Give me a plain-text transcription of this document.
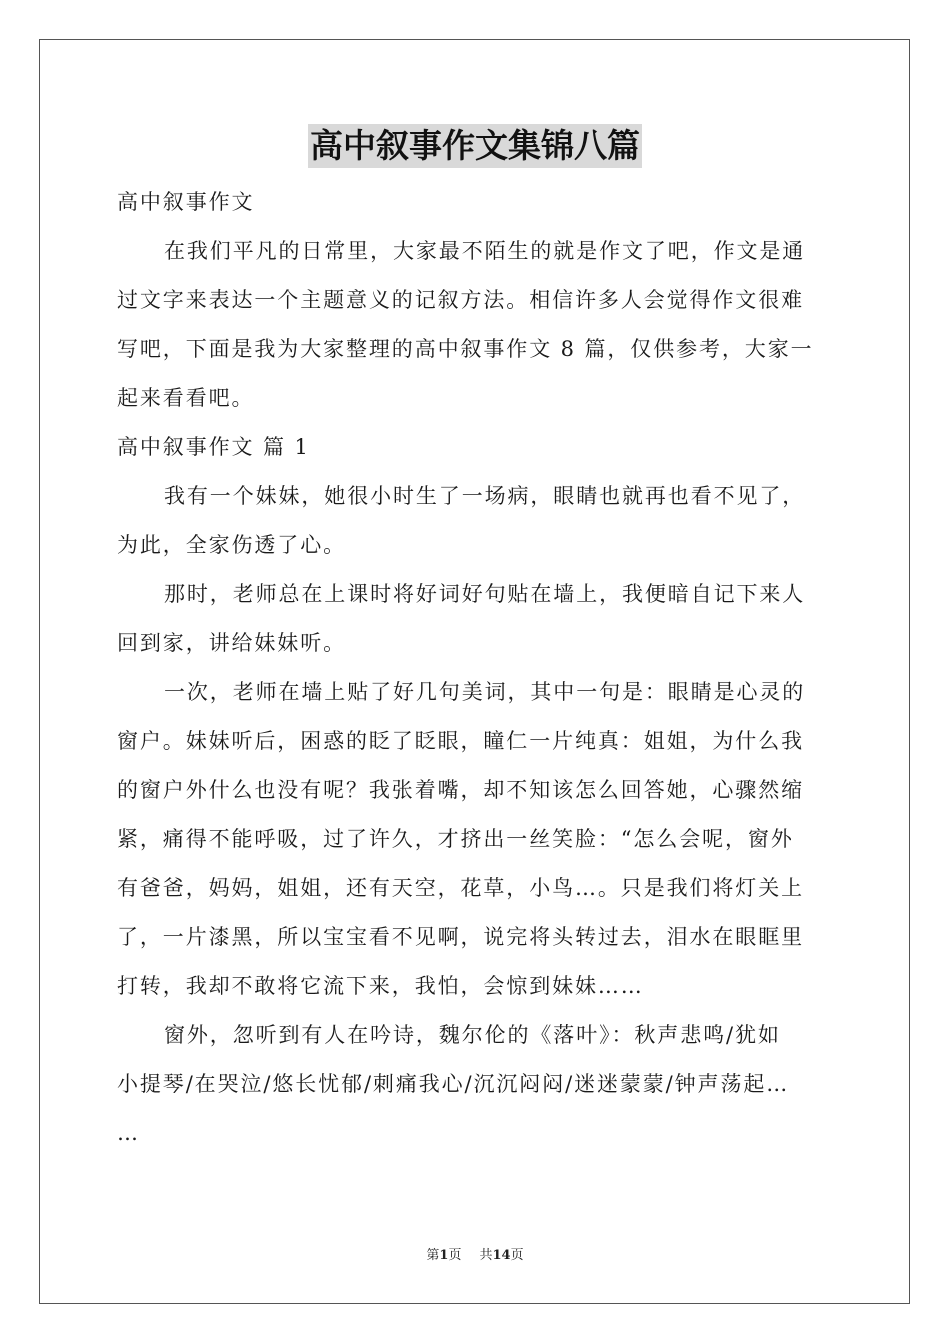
高中叙事作文集锦八篇
高中叙事作文
在我们平凡的日常里，大家最不陌生的就是作文了吧，作文是通
过文字来表达一个主题意义的记叙方法。相信许多人会觉得作文很难
写吧，下面是我为大家整理的高中叙事作文 8 篇，仅供参考，大家一
起来看看吧。
高中叙事作文 篇 1
我有一个妹妹，她很小时生了一场病，眼睛也就再也看不见了，
为此，全家伤透了心。
那时，老师总在上课时将好词好句贴在墙上，我便暗自记下来人
回到家，讲给妹妹听。
一次，老师在墙上贴了好几句美词，其中一句是：眼睛是心灵的
窗户。妹妹听后，困惑的眨了眨眼，瞳仁一片纯真：姐姐，为什么我
的窗户外什么也没有呢？我张着嘴，却不知该怎么回答她，心骤然缩
紧，痛得不能呼吸，过了许久，才挤出一丝笑脸：“怎么会呢，窗外
有爸爸，妈妈，姐姐，还有天空，花草，小鸟…。只是我们将灯关上
了，一片漆黑，所以宝宝看不见啊，说完将头转过去，泪水在眼眶里
打转，我却不敢将它流下来，我怕，会惊到妹妹……
窗外，忽听到有人在吟诗，魏尔伦的《落叶》：秋声悲鸣/犹如
小提琴/在哭泣/悠长忧郁/刺痛我心/沉沉闷闷/迷迷蒙蒙/钟声荡起…
…
第1页 共14页
